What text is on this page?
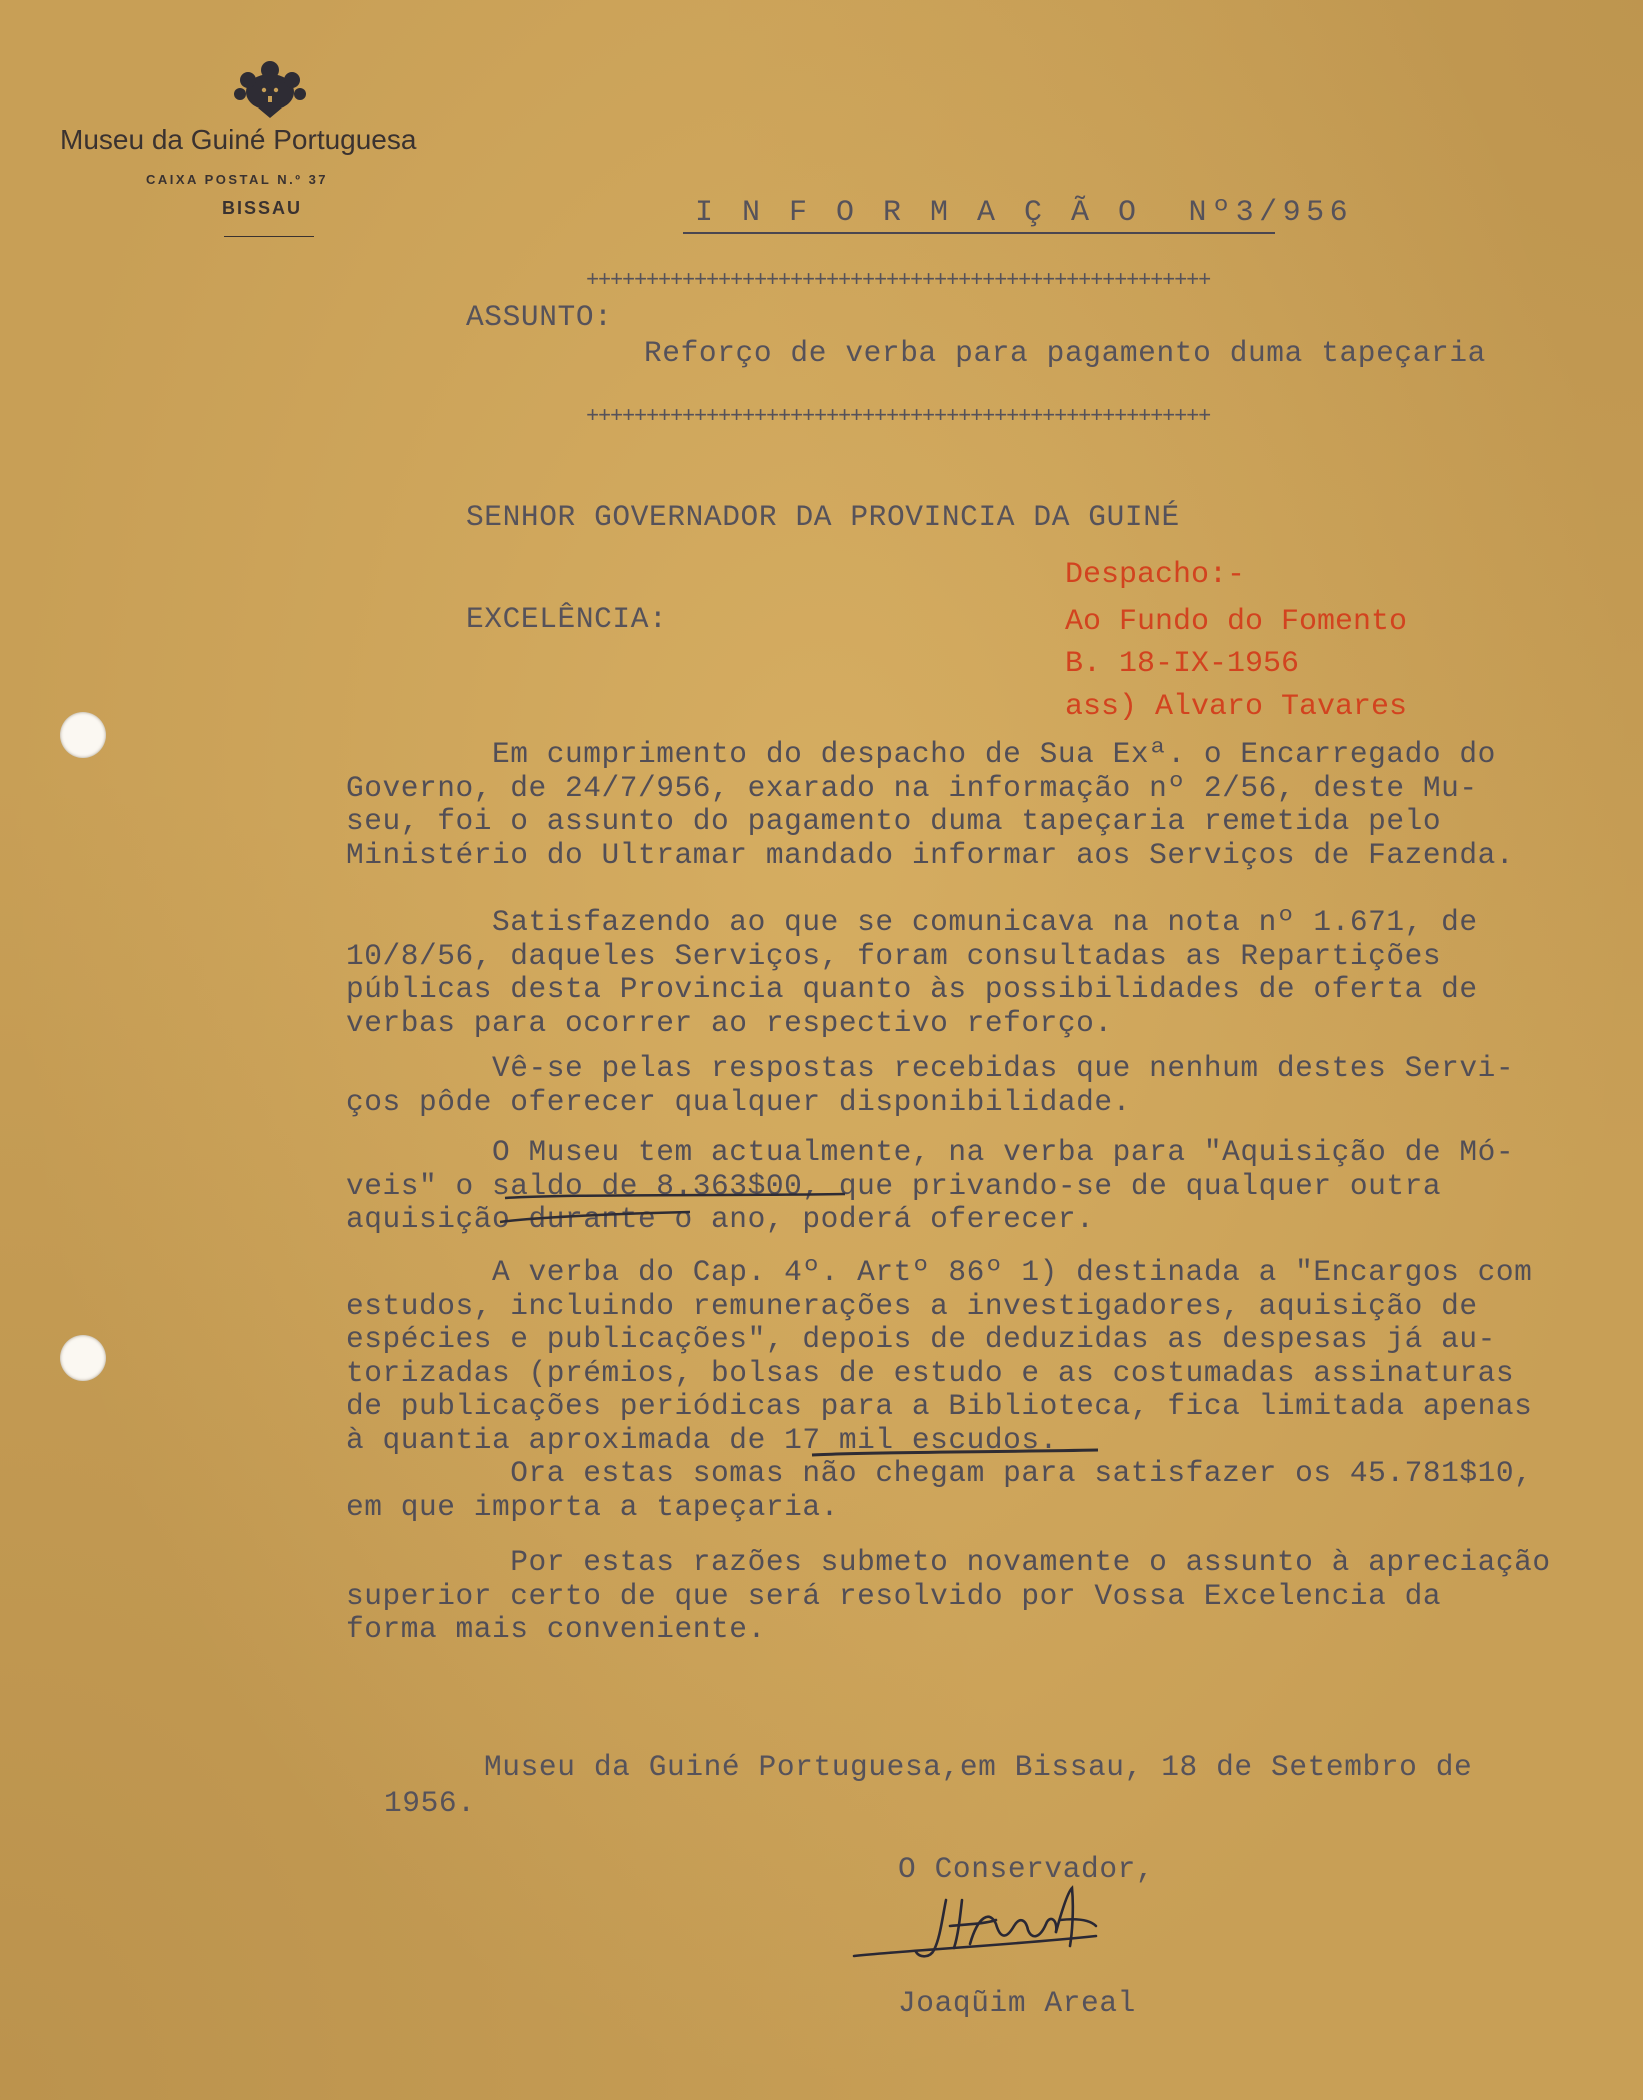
Museu da Guiné Portuguesa
CAIXA POSTAL N.º 37
BISSAU	I N F O R M A Ç Ã O  Nº3/956
++++++++++++++++++++++++++++++++++++++++++++++++++++
++++++++++++++++++++++++++++++++++++++++++++++++++++
ASSUNTO:
Reforço de verba para pagamento duma tapeçaria
SENHOR GOVERNADOR DA PROVINCIA DA GUINÉ
EXCELÊNCIA:
Despacho:-
Ao Fundo do Fomento
B. 18-IX-1956
ass) Alvaro Tavares
Em cumprimento do despacho de Sua Exª. o Encarregado do
Governo, de 24/7/956, exarado na informação nº 2/56, deste Mu-
seu, foi o assunto do pagamento duma tapeçaria remetida pelo
Ministério do Ultramar mandado informar aos Serviços de Fazenda.
Satisfazendo ao que se comunicava na nota nº 1.671, de
10/8/56, daqueles Serviços, foram consultadas as Repartições
públicas desta Provincia quanto às possibilidades de oferta de
verbas para ocorrer ao respectivo reforço.
Vê-se pelas respostas recebidas que nenhum destes Servi-
ços pôde oferecer qualquer disponibilidade.
O Museu tem actualmente, na verba para "Aquisição de Mó-
veis" o saldo de 8.363$00, que privando-se de qualquer outra
aquisição durante o ano, poderá oferecer.
A verba do Cap. 4º. Artº 86º 1) destinada a "Encargos com
estudos, incluindo remunerações a investigadores, aquisição de
espécies e publicações", depois de deduzidas as despesas já au-
torizadas (prémios, bolsas de estudo e as costumadas assinaturas
de publicações periódicas para a Biblioteca, fica limitada apenas
à quantia aproximada de 17 mil escudos.
Ora estas somas não chegam para satisfazer os 45.781$10,
em que importa a tapeçaria.
Por estas razões submeto novamente o assunto à apreciação
superior certo de que será resolvido por Vossa Excelencia da
forma mais conveniente.
Museu da Guiné Portuguesa,em Bissau, 18 de Setembro de
1956.
O Conservador,
Joaqũim Areal
